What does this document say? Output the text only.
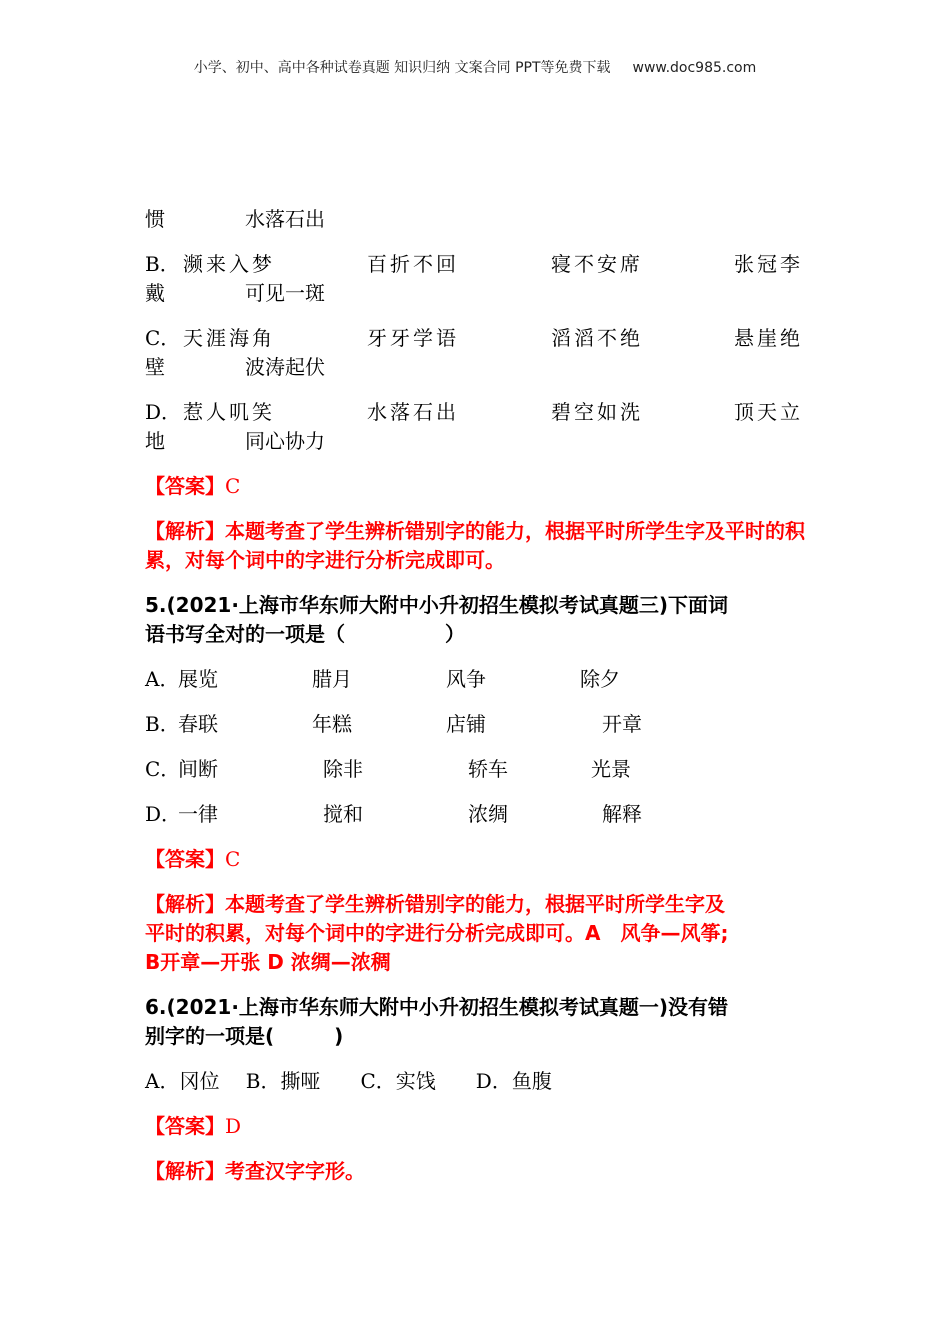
小学、初中、高中各种试卷真题 知识归纳 文案合同 PPT等免费下载 www.doc985.com
惯	水落石出
B． 濒来入梦	百折不回	寝不安席	张冠李
戴	可见一斑
C． 天涯海角	牙牙学语	滔滔不绝	悬崖绝
壁	波涛起伏
D． 惹人叽笑	水落石出	碧空如洗	顶天立
地	同心协力
【答案】C
【解析】本题考查了学生辨析错别字的能力，根据平时所学生字及平时的积累，对每个词中的字进行分析完成即可。
5.(2021·上海市华东师大附中小升初招生模拟考试真题三)下面词
语书写全对的一项是（　　　　　）
A．
展览	腊月	风争	除夕
B．
春联	年糕	店铺	开章
C．
间断	除非	轿车	光景
D．
一律	搅和	浓绸	解释
【答案】C
【解析】本题考查了学生辨析错别字的能力，根据平时所学生字及
平时的积累，对每个词中的字进行分析完成即可。A　风争—风筝;
B开章—开张 D 浓绸—浓稠
6.(2021·上海市华东师大附中小升初招生模拟考试真题一)没有错
别字的一项是(　　　)
A．冈位　 B．撕哑　　C．实饯　　D．鱼腹
【答案】D
【解析】考查汉字字形。
